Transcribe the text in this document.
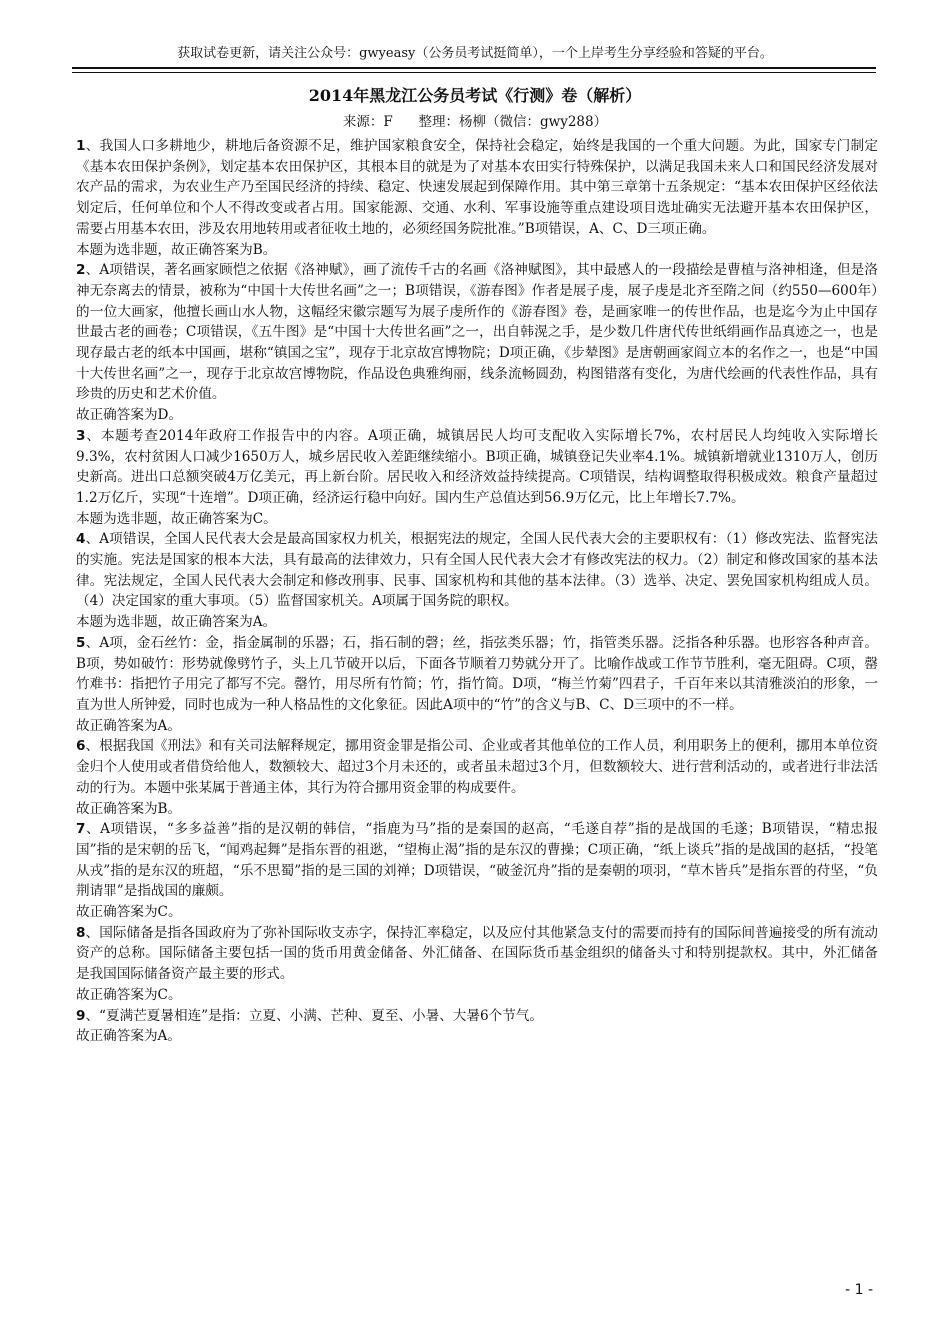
获取试卷更新，请关注公众号：gwyeasy（公务员考试挺简单），一个上岸考生分享经验和答疑的平台。
2014年黑龙江公务员考试《行测》卷（解析）
来源：F      整理：杨柳（微信：gwy288）

1、我国人口多耕地少，耕地后备资源不足，维护国家粮食安全，保持社会稳定，始终是我国的一个重大问题。为此，国家专门制定《基本农田保护条例》，划定基本农田保护区，其根本目的就是为了对基本农田实行特殊保护，以满足我国未来人口和国民经济发展对农产品的需求，为农业生产乃至国民经济的持续、稳定、快速发展起到保障作用。其中第三章第十五条规定：“基本农田保护区经依法划定后，任何单位和个人不得改变或者占用。国家能源、交通、水利、军事设施等重点建设项目选址确实无法避开基本农田保护区，需要占用基本农田，涉及农用地转用或者征收土地的，必须经国务院批准。”B项错误，A、C、D三项正确。

本题为选非题，故正确答案为B。

2、A项错误，著名画家顾恺之依据《洛神赋》，画了流传千古的名画《洛神赋图》，其中最感人的一段描绘是曹植与洛神相逢，但是洛神无奈离去的情景，被称为“中国十大传世名画”之一；B项错误，《游春图》作者是展子虔，展子虔是北齐至隋之间（约550—600年）的一位大画家，他擅长画山水人物，这幅经宋徽宗题写为展子虔所作的《游春图》卷，是画家唯一的传世作品，也是迄今为止中国存世最古老的画卷；C项错误，《五牛图》是“中国十大传世名画”之一，出自韩滉之手，是少数几件唐代传世纸绢画作品真迹之一，也是现存最古老的纸本中国画，堪称“镇国之宝”，现存于北京故宫博物院；D项正确，《步辇图》是唐朝画家阎立本的名作之一，也是“中国十大传世名画”之一，现存于北京故宫博物院，作品设色典雅绚丽，线条流畅圆劲，构图错落有变化，为唐代绘画的代表性作品，具有珍贵的历史和艺术价值。

故正确答案为D。

3、本题考查2014年政府工作报告中的内容。A项正确，城镇居民人均可支配收入实际增长7%，农村居民人均纯收入实际增长9.3%，农村贫困人口减少1650万人，城乡居民收入差距继续缩小。B项正确，城镇登记失业率4.1%。城镇新增就业1310万人，创历史新高。进出口总额突破4万亿美元，再上新台阶。居民收入和经济效益持续提高。C项错误，结构调整取得积极成效。粮食产量超过1.2万亿斤，实现“十连增”。D项正确，经济运行稳中向好。国内生产总值达到56.9万亿元，比上年增长7.7%。

本题为选非题，故正确答案为C。

4、A项错误，全国人民代表大会是最高国家权力机关，根据宪法的规定，全国人民代表大会的主要职权有：（1）修改宪法、监督宪法的实施。宪法是国家的根本大法，具有最高的法律效力，只有全国人民代表大会才有修改宪法的权力。（2）制定和修改国家的基本法律。宪法规定，全国人民代表大会制定和修改刑事、民事、国家机构和其他的基本法律。（3）选举、决定、罢免国家机构组成人员。（4）决定国家的重大事项。（5）监督国家机关。A项属于国务院的职权。

本题为选非题，故正确答案为A。

5、A项，金石丝竹：金，指金属制的乐器；石，指石制的磬；丝，指弦类乐器；竹，指管类乐器。泛指各种乐器。也形容各种声音。B项，势如破竹：形势就像劈竹子，头上几节破开以后，下面各节顺着刀势就分开了。比喻作战或工作节节胜利，毫无阻碍。C项，罄竹难书：指把竹子用完了都写不完。罄竹，用尽所有竹简；竹，指竹简。D项，“梅兰竹菊”四君子，千百年来以其清雅淡泊的形象，一直为世人所钟爱，同时也成为一种人格品性的文化象征。因此A项中的“竹”的含义与B、C、D三项中的不一样。

故正确答案为A。

6、根据我国《刑法》和有关司法解释规定，挪用资金罪是指公司、企业或者其他单位的工作人员，利用职务上的便利，挪用本单位资金归个人使用或者借贷给他人，数额较大、超过3个月未还的，或者虽未超过3个月，但数额较大、进行营利活动的，或者进行非法活动的行为。本题中张某属于普通主体，其行为符合挪用资金罪的构成要件。

故正确答案为B。

7、A项错误，“多多益善”指的是汉朝的韩信，“指鹿为马”指的是秦国的赵高，“毛遂自荐”指的是战国的毛遂；B项错误，“精忠报国”指的是宋朝的岳飞，“闻鸡起舞”是指东晋的祖逖，“望梅止渴”指的是东汉的曹操；C项正确，“纸上谈兵”指的是战国的赵括，“投笔从戎”指的是东汉的班超，“乐不思蜀”指的是三国的刘禅；D项错误，“破釜沉舟”指的是秦朝的项羽，“草木皆兵”是指东晋的苻坚，“负荆请罪”是指战国的廉颇。

故正确答案为C。

8、国际储备是指各国政府为了弥补国际收支赤字，保持汇率稳定，以及应付其他紧急支付的需要而持有的国际间普遍接受的所有流动资产的总称。国际储备主要包括一国的货币用黄金储备、外汇储备、在国际货币基金组织的储备头寸和特别提款权。其中，外汇储备是我国国际储备资产最主要的形式。

故正确答案为C。

9、“夏满芒夏暑相连”是指：立夏、小满、芒种、夏至、小暑、大暑6个节气。

故正确答案为A。

- 1 -
